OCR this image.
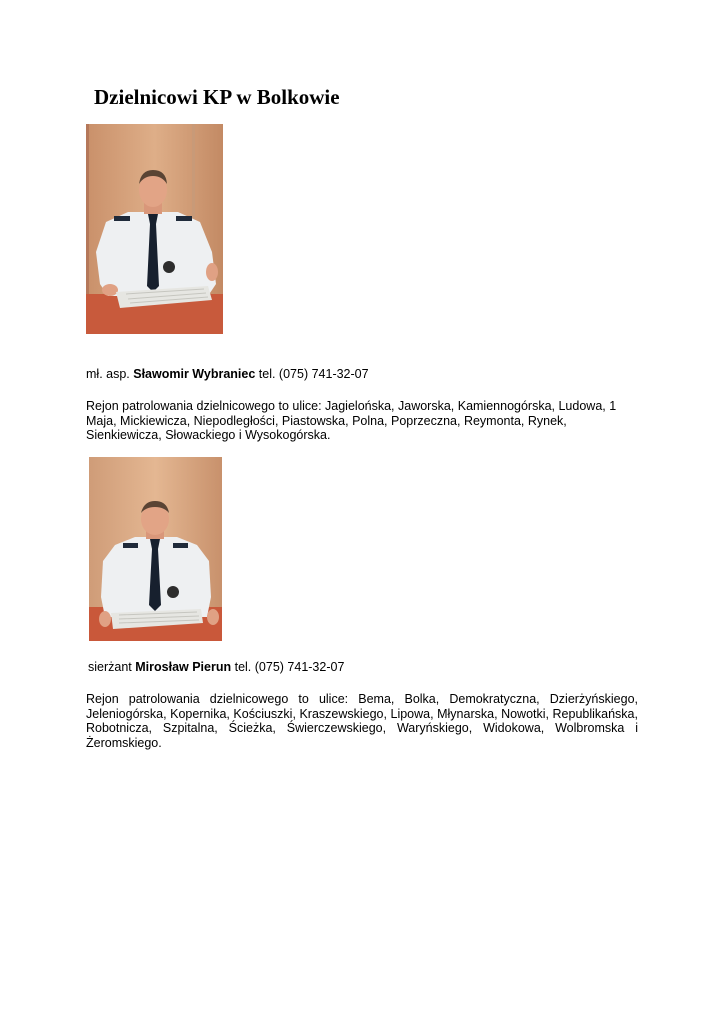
Dzielnicowi KP w Bolkowie
mł. asp. Sławomir Wybraniec tel. (075) 741-32-07
Rejon patrolowania dzielnicowego to ulice: Jagielońska, Jaworska, Kamiennogórska, Ludowa, 1 Maja, Mickiewicza, Niepodległości, Piastowska, Polna, Poprzeczna, Reymonta, Rynek, Sienkiewicza, Słowackiego i Wysokogórska.
sierżant Mirosław Pierun tel. (075) 741-32-07
Rejon patrolowania dzielnicowego to ulice: Bema, Bolka, Demokratyczna, Dzierżyńskiego, Jeleniogórska, Kopernika, Kościuszki, Kraszewskiego, Lipowa, Młynarska, Nowotki, Republikańska, Robotnicza, Szpitalna, Ścieżka, Świerczewskiego, Waryńskiego, Widokowa, Wolbromska i Żeromskiego.
